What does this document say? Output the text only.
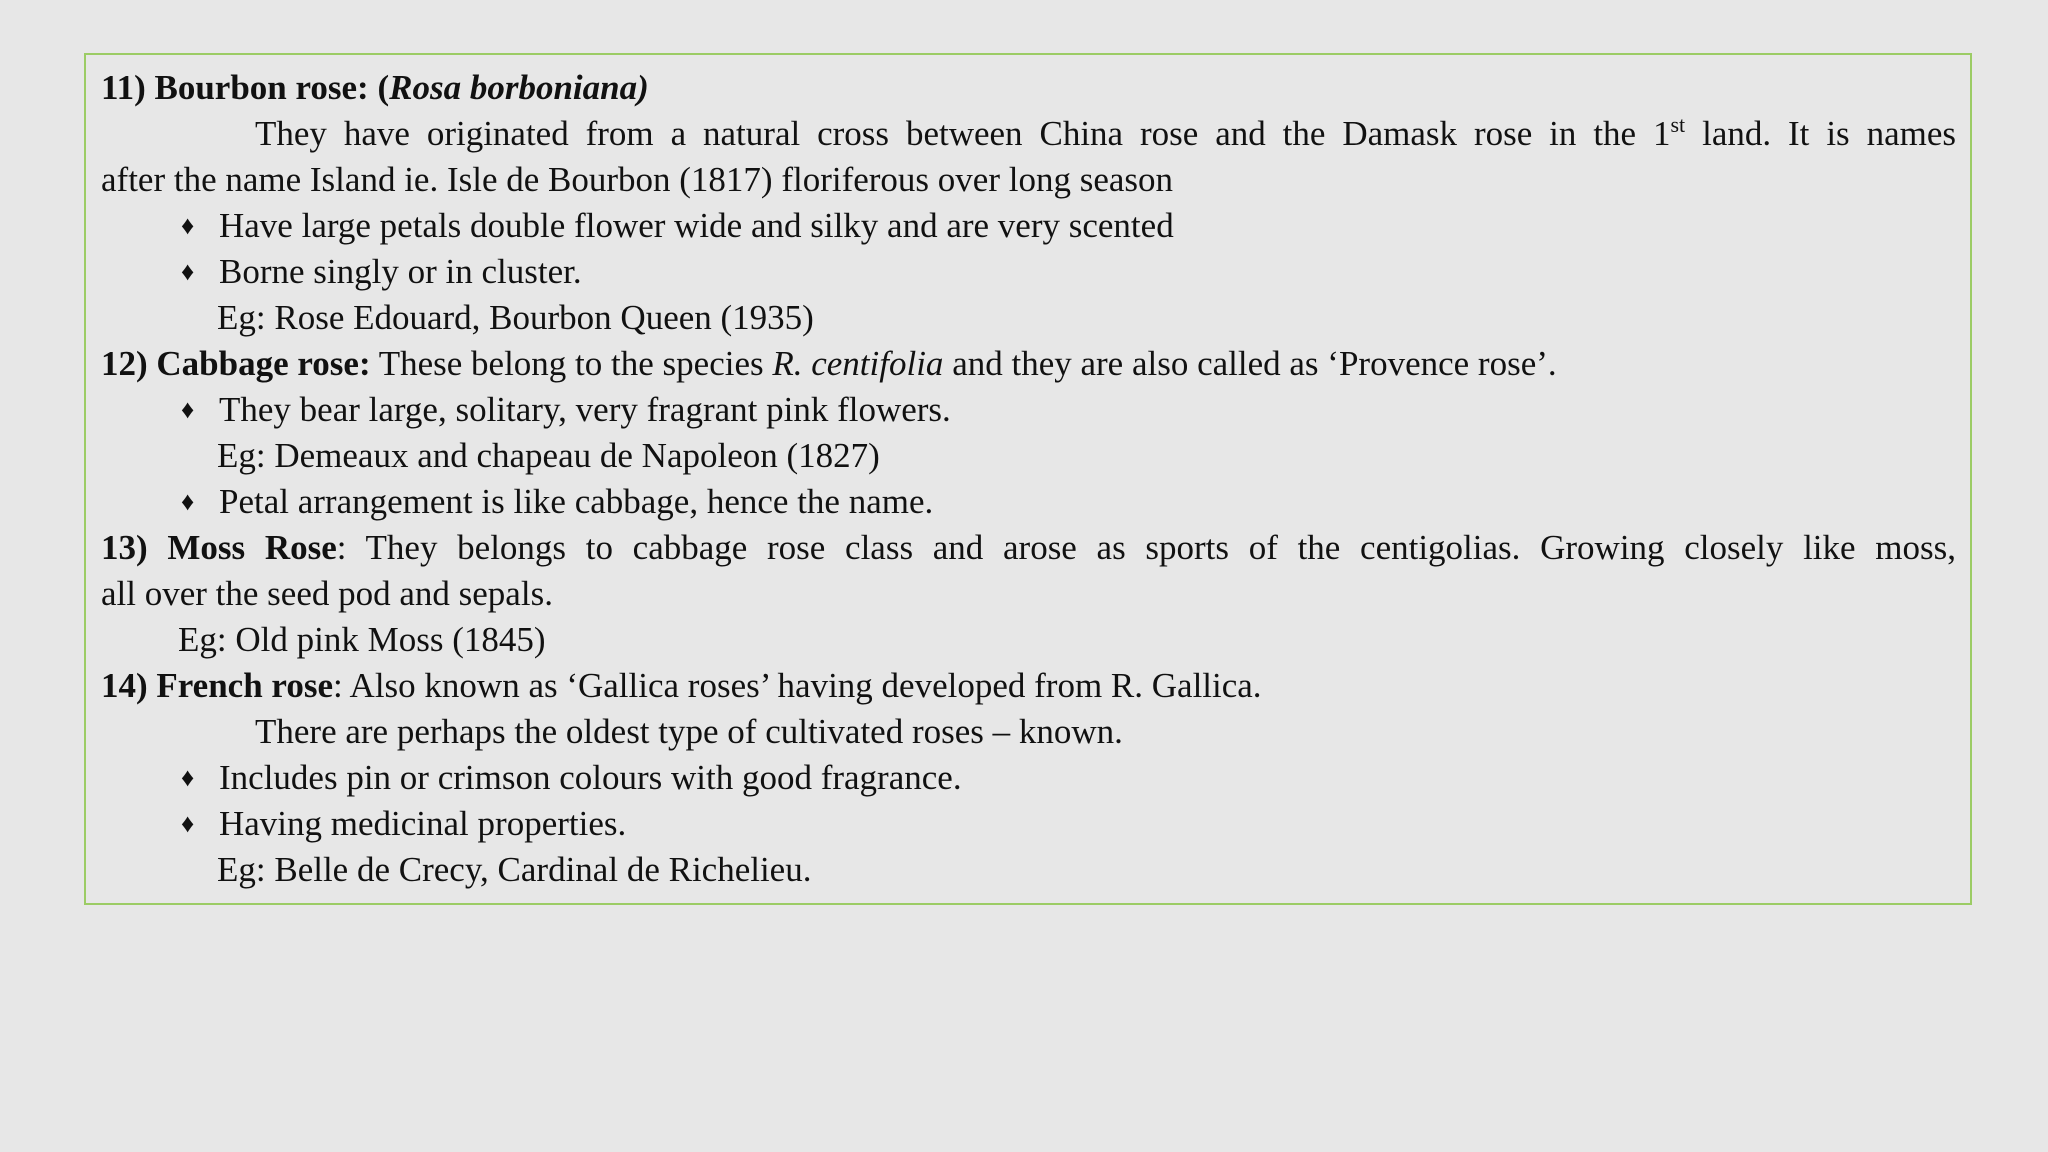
11) Bourbon rose: (Rosa borboniana)
They have originated from a natural cross between China rose and the Damask rose in the 1st land. It is names
after the name Island ie. Isle de Bourbon (1817) floriferous over long season
♦ Have large petals double flower wide and silky and are very scented
♦ Borne singly or in cluster.
Eg: Rose Edouard, Bourbon Queen (1935)
12) Cabbage rose: These belong to the species R. centifolia and they are also called as ‘Provence rose’.
♦ They bear large, solitary, very fragrant pink flowers.
Eg: Demeaux and chapeau de Napoleon (1827)
♦ Petal arrangement is like cabbage, hence the name.
13) Moss Rose: They belongs to cabbage rose class and arose as sports of the centigolias. Growing closely like moss,
all over the seed pod and sepals.
Eg: Old pink Moss (1845)
14) French rose: Also known as ‘Gallica roses’ having developed from R. Gallica.
There are perhaps the oldest type of cultivated roses – known.
♦ Includes pin or crimson colours with good fragrance.
♦ Having medicinal properties.
Eg: Belle de Crecy, Cardinal de Richelieu.
